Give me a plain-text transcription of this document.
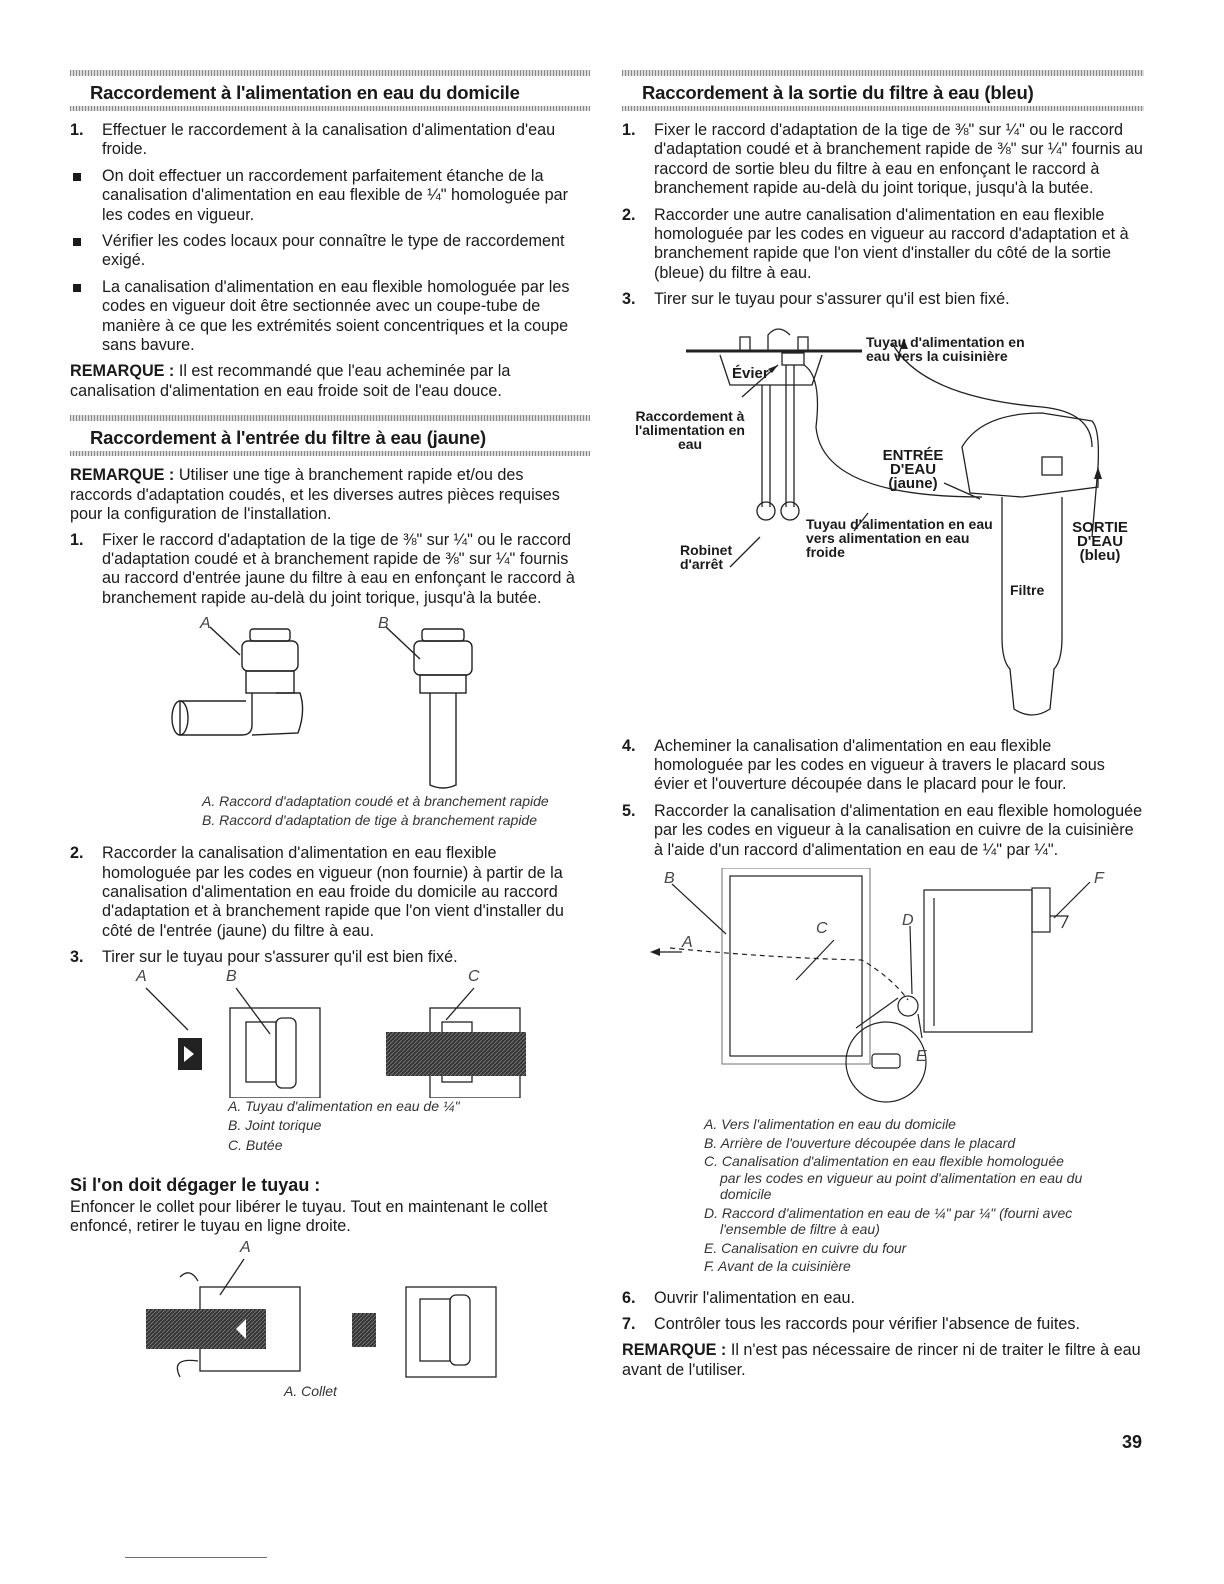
Raccordement à l'alimentation en eau du domicile
1. Effectuer le raccordement à la canalisation d'alimentation d'eau froide.
On doit effectuer un raccordement parfaitement étanche de la canalisation d'alimentation en eau flexible de ¼" homologuée par les codes en vigueur.
Vérifier les codes locaux pour connaître le type de raccordement exigé.
La canalisation d'alimentation en eau flexible homologuée par les codes en vigueur doit être sectionnée avec un coupe-tube de manière à ce que les extrémités soient concentriques et la coupe sans bavure.

REMARQUE : Il est recommandé que l'eau acheminée par la canalisation d'alimentation en eau froide soit de l'eau douce.

Raccordement à l'entrée du filtre à eau (jaune)

REMARQUE : Utiliser une tige à branchement rapide et/ou des raccords d'adaptation coudés, et les diverses autres pièces requises pour la configuration de l'installation.

1. Fixer le raccord d'adaptation de la tige de ⅜" sur ¼" ou le raccord d'adaptation coudé et à branchement rapide de ⅜" sur ¼" fournis au raccord d'entrée jaune du filtre à eau en enfonçant le raccord à branchement rapide au-delà du joint torique, jusqu'à la butée.
A	B
A. Raccord d'adaptation coudé et à branchement rapide
B. Raccord d'adaptation de tige à branchement rapide
2. Raccorder la canalisation d'alimentation en eau flexible homologuée par les codes en vigueur (non fournie) à partir de la canalisation d'alimentation en eau froide du domicile au raccord d'adaptation et à branchement rapide que l'on vient d'installer du côté de l'entrée (jaune) du filtre à eau.
3. Tirer sur le tuyau pour s'assurer qu'il est bien fixé.
A	B	C
A. Tuyau d'alimentation en eau de ¼"
B. Joint torique
C. Butée
Si l'on doit dégager le tuyau :

Enfoncer le collet pour libérer le tuyau. Tout en maintenant le collet enfoncé, retirer le tuyau en ligne droite.

A
A. Collet
Raccordement à la sortie du filtre à eau (bleu)
1. Fixer le raccord d'adaptation de la tige de ⅜" sur ¼" ou le raccord d'adaptation coudé et à branchement rapide de ⅜" sur ¼" fournis au raccord de sortie bleu du filtre à eau en enfonçant le raccord à branchement rapide au-delà du joint torique, jusqu'à la butée.
2. Raccorder une autre canalisation d'alimentation en eau flexible homologuée par les codes en vigueur au raccord d'adaptation et à branchement rapide que l'on vient d'installer du côté de la sortie (bleue) du filtre à eau.
3. Tirer sur le tuyau pour s'assurer qu'il est bien fixé.
Tuyau d'alimentation en eau vers la cuisinière
Évier
Raccordement à l'alimentation en eau
ENTRÉE D'EAU (jaune)
Robinet d'arrêt
Tuyau d'alimentation en eau vers alimentation en eau froide
SORTIE D'EAU (bleu)
Filtre
4. Acheminer la canalisation d'alimentation en eau flexible homologuée par les codes en vigueur à travers le placard sous évier et l'ouverture découpée dans le placard pour le four.
5. Raccorder la canalisation d'alimentation en eau flexible homologuée par les codes en vigueur à la canalisation en cuivre de la cuisinière à l'aide d'un raccord d'alimentation en eau de ¼" par ¼".
B
A
C	D
E
F
A. Vers l'alimentation en eau du domicile
B. Arrière de l'ouverture découpée dans le placard
C. Canalisation d'alimentation en eau flexible homologuée par les codes en vigueur au point d'alimentation en eau du domicile
D. Raccord d'alimentation en eau de ¼" par ¼" (fourni avec l'ensemble de filtre à eau)
E. Canalisation en cuivre du four
F. Avant de la cuisinière
6. Ouvrir l'alimentation en eau.
7. Contrôler tous les raccords pour vérifier l'absence de fuites.

REMARQUE : Il n'est pas nécessaire de rincer ni de traiter le filtre à eau avant de l'utiliser.

39
